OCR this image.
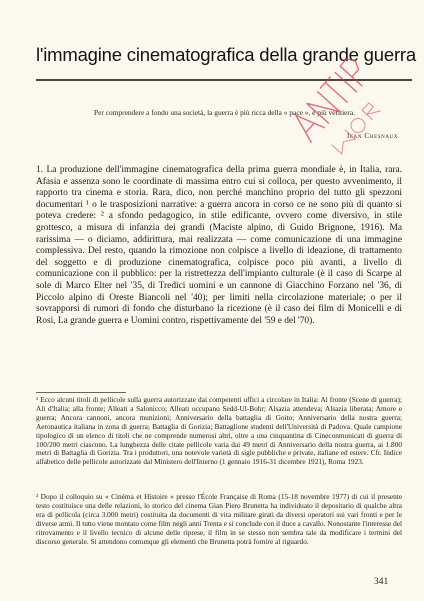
l'immagine cinematografica della grande guerra
Per comprendere a fondo una società, la guerra è più ricca della « pace », è più veritiera.
Jean Chesnaux
1. La produzione dell'immagine cinematografica della prima guerra mondiale è, in Italia, rara. Afasia e assenza sono le coordinate di massima entro cui si colloca, per questo avvenimento, il rapporto tra cinema e storia. Rara, dico, non perché manchino proprio del tutto gli spezzoni documentari ¹ o le trasposizioni narrative: a guerra ancora in corso ce ne sono più di quanto si poteva credere: ² a sfondo pedagogico, in stile edificante, ovvero come diversivo, in stile grottesco, a misura di infanzia dei grandi (Maciste alpino, di Guido Brignone, 1916). Ma rarissima — o diciamo, addirittura, mai realizzata — come comunicazione di una immagine complessiva. Del resto, quando la rimozione non colpisce a livello di ideazione, di trattamento del soggetto e di produzione cinematografica, colpisce poco più avanti, a livello di comunicazione con il pubblico: per la ristrettezza dell'impianto culturale (è il caso di Scarpe al sole di Marco Elter nel '35, di Tredici uomini e un cannone di Giacchino Forzano nel '36, di Piccolo alpino di Oreste Biancoli nel '40); per limiti nella circolazione materiale; o per il sovrapporsi di rumori di fondo che disturbano la ricezione (è il caso dei film di Monicelli e di Rosi, La grande guerra e Uomini contro, rispettivamente del '59 e del '70).
¹ Ecco alcuni titoli di pellicole sulla guerra autorizzate dai competenti uffici a circolare in Italia: Al fronte (Scene di guerra); Ali d'Italia; alla fronte; Alleati a Salonicco; Alleati occupano Sedd-Ul-Bohr; Alsazia attendeva; Alsazia liberata; Amore e guerra; Ancora cannoni, ancora munizioni; Anniversario della battaglia di Goito; Anniversario della nostra guerra; Aeronautica italiana in zona di guerra; Battaglia di Gorizia; Battaglione studenti dell'Università di Padova. Quale campione tipologico di un elenco di titoli che ne comprende numerosi altri, oltre a una cinquantina di Cineconmunicati di guerra di 100/200 metri ciascuno. La lunghezza delle citate pellicole varia dai 49 metri di Anniversario della nostra guerra, ai 1.800 metri di Battaglia di Gorizia. Tra i produttori, una notevole varietà di sigle pubbliche e private, italiane ed estere. Cfr. Indice alfabetico delle pellicole autorizzate dal Ministero dell'Interno (1 gennaio 1916-31 dicembre 1921), Roma 1923.
² Dopo il colloquio su « Cinéma et Histoire » presso l'École Française di Roma (15-18 novembre 1977) di cui il presente testo costituisce una delle relazioni, lo storico del cinema Gian Piero Brunetta ha individuato il depositario di qualche altra era di pellicola (circa 3.000 metri) costituita da documenti di vita militare girati da diversi operatori sui vari fronti e per le diverse armi. Il tutto viene montato come film negli anni Trenta e si conclude con il duce a cavallo. Nonostante l'interesse del ritrovamento e il livello tecnico di alcune delle riprese, il film in se stesso non sembra tale da modificare i termini del discorso generale. Si attendono comunque gli elementi che Brunetta potrà fornire al riguardo.
341
